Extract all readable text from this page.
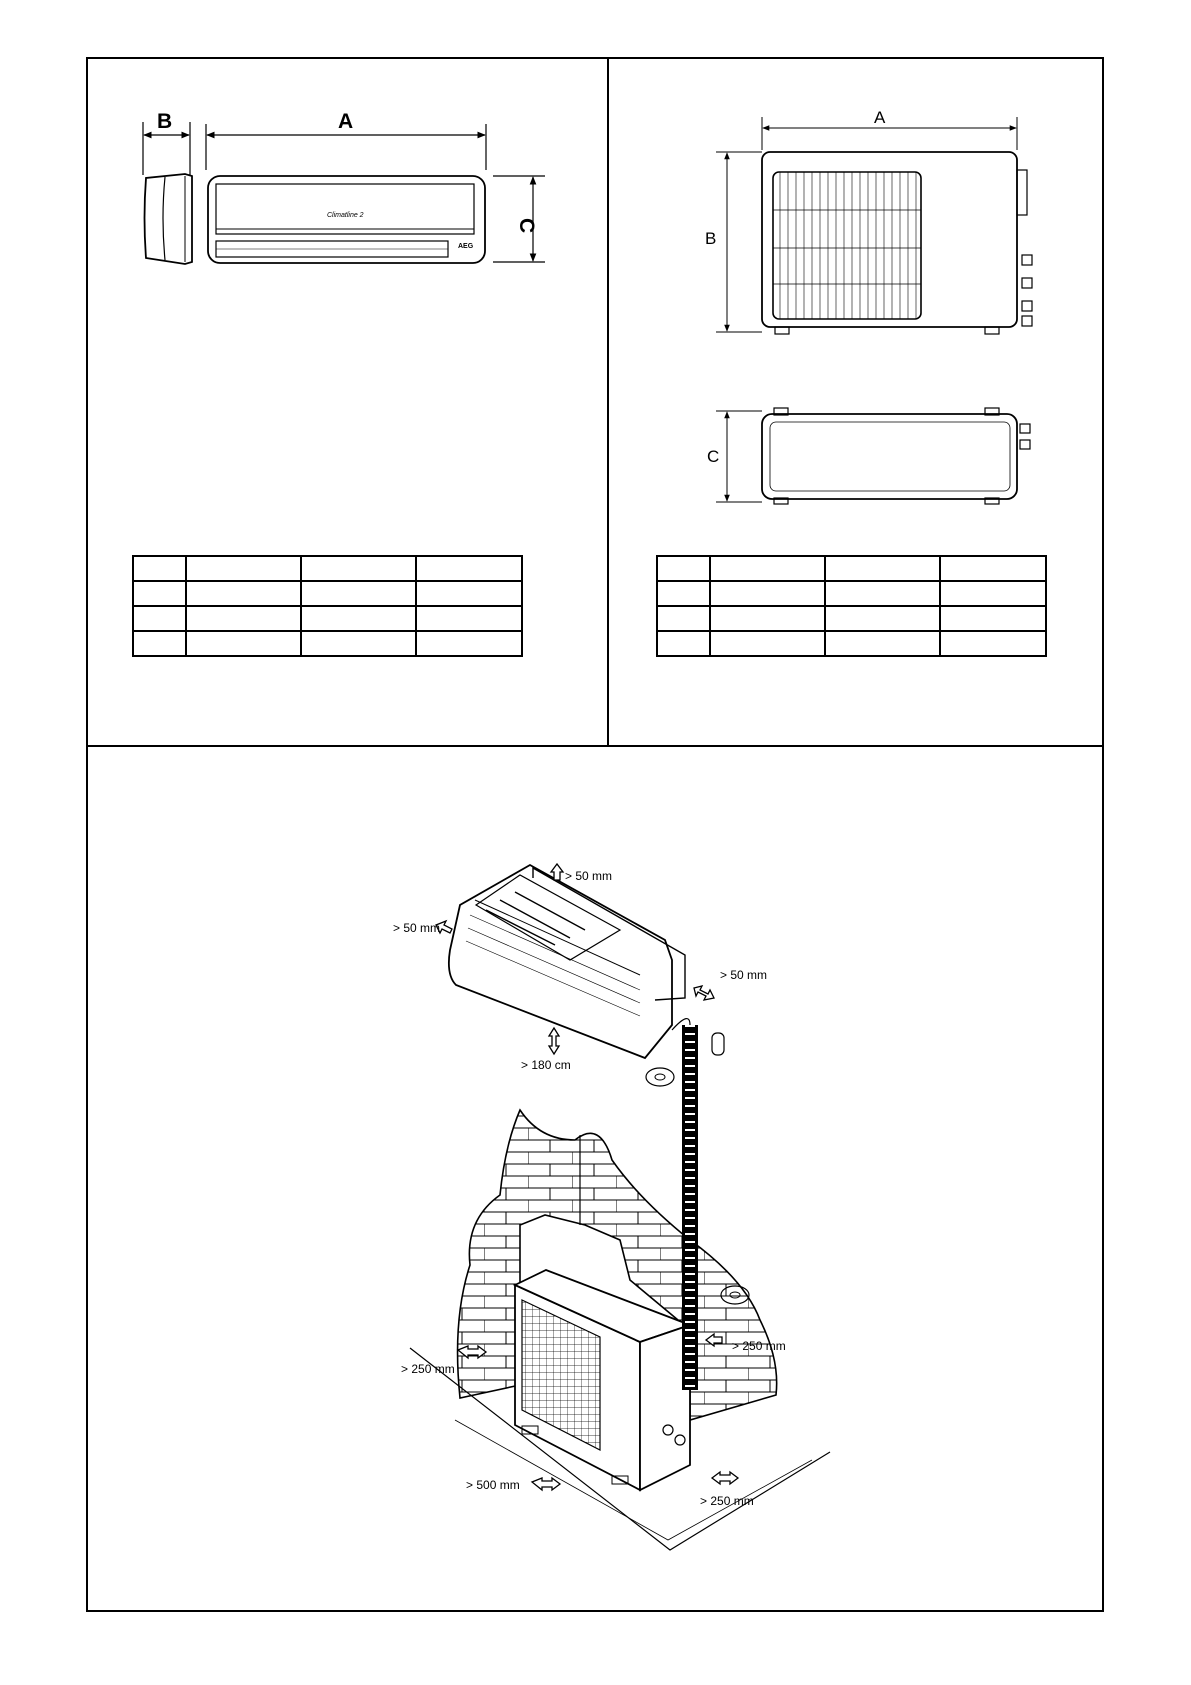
B	A
C
Climatline 2
AEG
A
B
C

> 50 mm
> 50 mm
> 50 mm
> 180 cm
> 250 mm
> 250 mm
> 500 mm
> 250 mm
